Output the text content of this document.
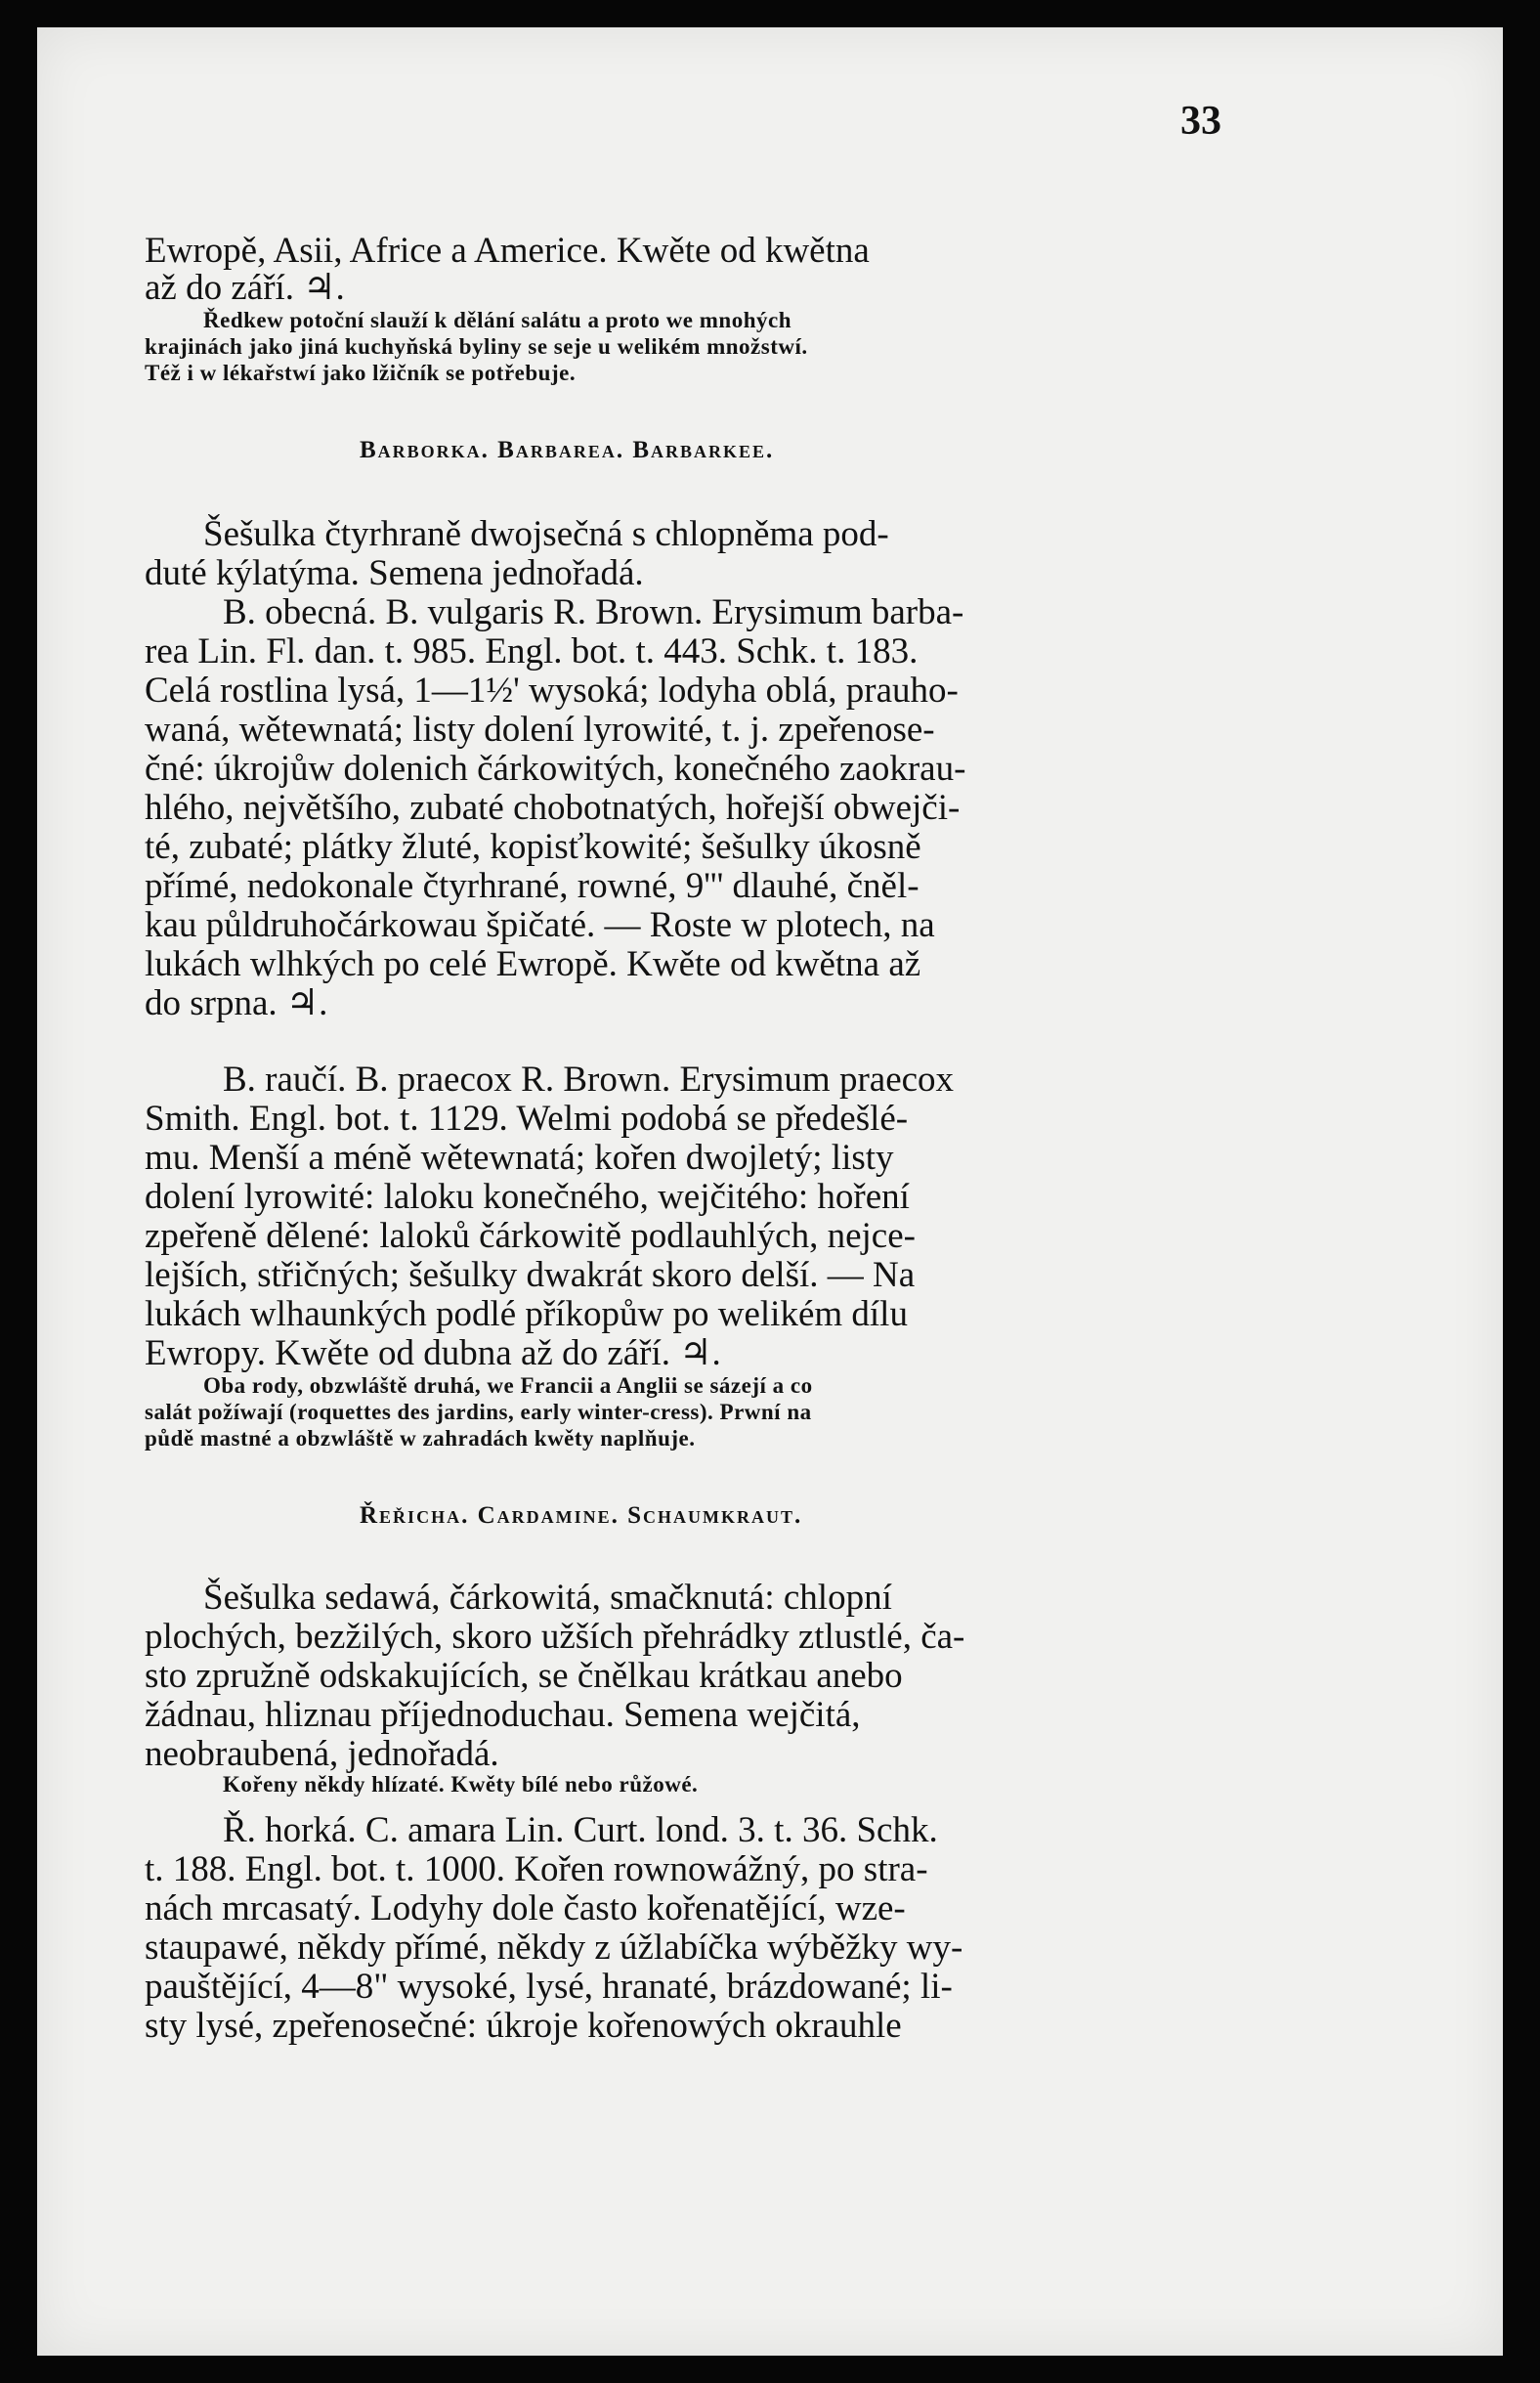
33
Ewropě, Asii, Africe a Americe. Kwěte od kwětna
až do září. ♃.
Ředkew potoční slauží k dělání salátu a proto we mnohých
krajinách jako jiná kuchyňská byliny se seje u welikém množstwí.
Též i w lékařstwí jako lžičník se potřebuje.
Barborka. Barbarea. Barbarkee.
Šešulka čtyrhraně dwojsečná s chlopněma pod-
duté kýlatýma. Semena jednořadá.
B. obecná. B. vulgaris R. Brown. Erysimum barba-
rea Lin. Fl. dan. t. 985. Engl. bot. t. 443. Schk. t. 183.
Celá rostlina lysá, 1—1½' wysoká; lodyha oblá, prauho-
waná, wětewnatá; listy dolení lyrowité, t. j. zpeřenose-
čné: úkrojůw dolenich čárkowitých, konečného zaokrau-
hlého, největšího, zubaté chobotnatých, hořejší obwejči-
té, zubaté; plátky žluté, kopisťkowité; šešulky úkosně
přímé, nedokonale čtyrhrané, rowné, 9''' dlauhé, čněl-
kau půldruhočárkowau špičaté. — Roste w plotech, na
lukách wlhkých po celé Ewropě. Kwěte od kwětna až
do srpna. ♃.
B. raučí. B. praecox R. Brown. Erysimum praecox
Smith. Engl. bot. t. 1129. Welmi podobá se předešlé-
mu. Menší a méně wětewnatá; kořen dwojletý; listy
dolení lyrowité: laloku konečného, wejčitého: hoření
zpeřeně dělené: laloků čárkowitě podlauhlých, nejce-
lejších, střičných; šešulky dwakrát skoro delší. — Na
lukách wlhaunkých podlé příkopůw po welikém dílu
Ewropy. Kwěte od dubna až do září. ♃.
Oba rody, obzwláště druhá, we Francii a Anglii se sázejí a co
salát požíwají (roquettes des jardins, early winter-cress). Prwní na
půdě mastné a obzwláště w zahradách kwěty naplňuje.
Řeřicha. Cardamine. Schaumkraut.
Šešulka sedawá, čárkowitá, smačknutá: chlopní
plochých, bezžilých, skoro užších přehrádky ztlustlé, ča-
sto zpružně odskakujících, se čnělkau krátkau anebo
žádnau, hliznau příjednoduchau. Semena wejčitá,
neobraubená, jednořadá.
Kořeny někdy hlízaté. Kwěty bílé nebo růžowé.
Ř. horká. C. amara Lin. Curt. lond. 3. t. 36. Schk.
t. 188. Engl. bot. t. 1000. Kořen rownowážný, po stra-
nách mrcasatý. Lodyhy dole často kořenatějící, wze-
staupawé, někdy přímé, někdy z úžlabíčka wýběžky wy-
pauštějící, 4—8" wysoké, lysé, hranaté, brázdowané; li-
sty lysé, zpeřenosečné: úkroje kořenowých okrauhle
